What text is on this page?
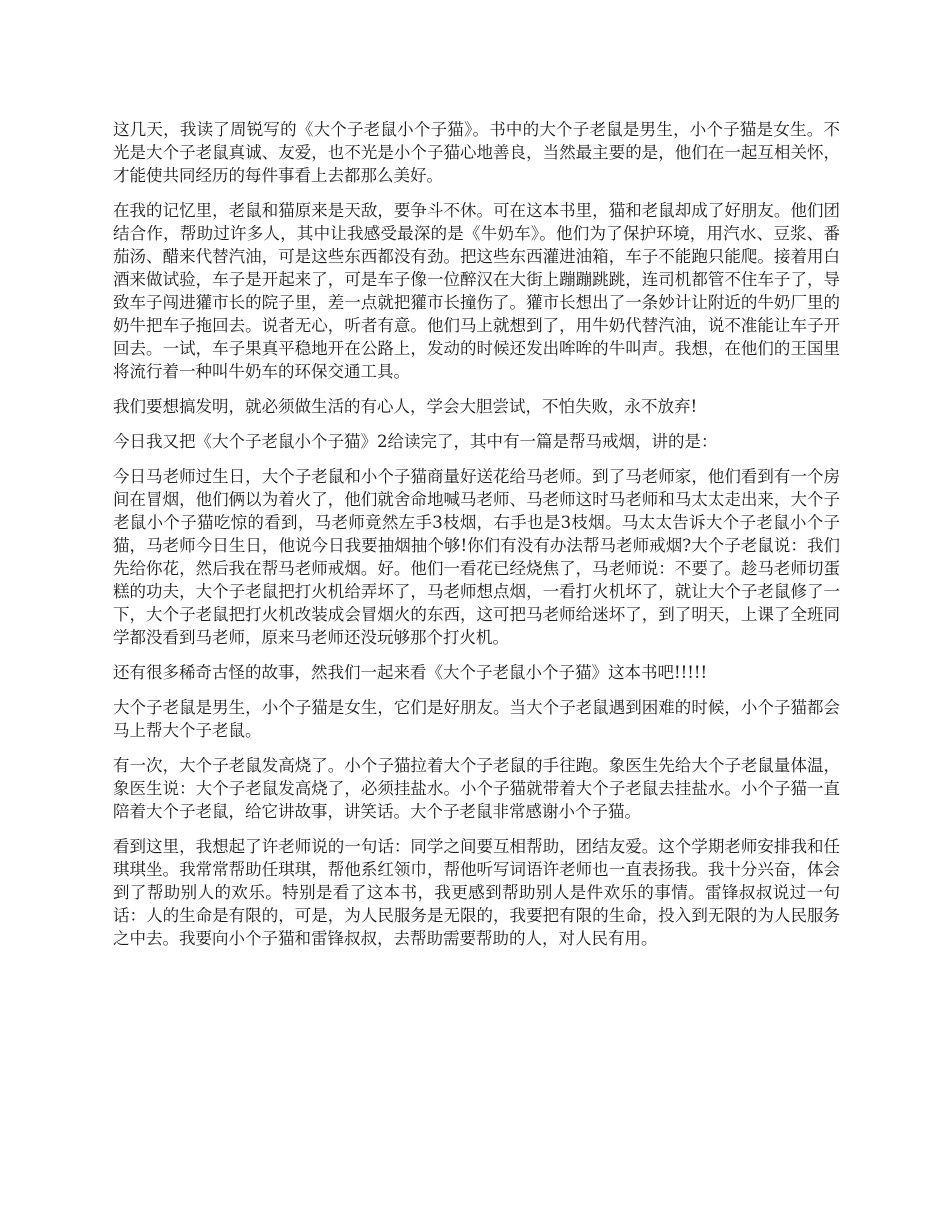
这几天，我读了周锐写的《大个子老鼠小个子猫》。书中的大个子老鼠是男生，小个子猫是女生。不光是大个子老鼠真诚、友爱，也不光是小个子猫心地善良，当然最主要的是，他们在一起互相关怀，才能使共同经历的每件事看上去都那么美好。

在我的记忆里，老鼠和猫原来是天敌，要争斗不休。可在这本书里，猫和老鼠却成了好朋友。他们团结合作，帮助过许多人，其中让我感受最深的是《牛奶车》。他们为了保护环境，用汽水、豆浆、番茄汤、醋来代替汽油，可是这些东西都没有劲。把这些东西灌进油箱，车子不能跑只能爬。接着用白酒来做试验，车子是开起来了，可是车子像一位醉汉在大街上蹦蹦跳跳，连司机都管不住车子了，导致车子闯进獾市长的院子里，差一点就把獾市长撞伤了。獾市长想出了一条妙计让附近的牛奶厂里的奶牛把车子拖回去。说者无心，听者有意。他们马上就想到了，用牛奶代替汽油，说不准能让车子开回去。一试，车子果真平稳地开在公路上，发动的时候还发出哞哞的牛叫声。我想，在他们的王国里将流行着一种叫牛奶车的环保交通工具。

我们要想搞发明，就必须做生活的有心人，学会大胆尝试，不怕失败，永不放弃!

今日我又把《大个子老鼠小个子猫》2给读完了，其中有一篇是帮马戒烟，讲的是：

今日马老师过生日，大个子老鼠和小个子猫商量好送花给马老师。到了马老师家，他们看到有一个房间在冒烟，他们俩以为着火了，他们就舍命地喊马老师、马老师这时马老师和马太太走出来，大个子老鼠小个子猫吃惊的看到，马老师竟然左手3枝烟，右手也是3枝烟。马太太告诉大个子老鼠小个子猫，马老师今日生日，他说今日我要抽烟抽个够!你们有没有办法帮马老师戒烟?大个子老鼠说：我们先给你花，然后我在帮马老师戒烟。好。他们一看花已经烧焦了，马老师说：不要了。趁马老师切蛋糕的功夫，大个子老鼠把打火机给弄坏了，马老师想点烟，一看打火机坏了，就让大个子老鼠修了一下，大个子老鼠把打火机改装成会冒烟火的东西，这可把马老师给迷坏了，到了明天，上课了全班同学都没看到马老师，原来马老师还没玩够那个打火机。

还有很多稀奇古怪的故事，然我们一起来看《大个子老鼠小个子猫》这本书吧!!!!!

大个子老鼠是男生，小个子猫是女生，它们是好朋友。当大个子老鼠遇到困难的时候，小个子猫都会马上帮大个子老鼠。

有一次，大个子老鼠发高烧了。小个子猫拉着大个子老鼠的手往跑。象医生先给大个子老鼠量体温，象医生说：大个子老鼠发高烧了，必须挂盐水。小个子猫就带着大个子老鼠去挂盐水。小个子猫一直陪着大个子老鼠，给它讲故事，讲笑话。大个子老鼠非常感谢小个子猫。

看到这里，我想起了许老师说的一句话：同学之间要互相帮助，团结友爱。这个学期老师安排我和任琪琪坐。我常常帮助任琪琪，帮他系红领巾，帮他听写词语许老师也一直表扬我。我十分兴奋，体会到了帮助别人的欢乐。特别是看了这本书，我更感到帮助别人是件欢乐的事情。雷锋叔叔说过一句话：人的生命是有限的，可是，为人民服务是无限的，我要把有限的生命，投入到无限的为人民服务之中去。我要向小个子猫和雷锋叔叔，去帮助需要帮助的人，对人民有用。
